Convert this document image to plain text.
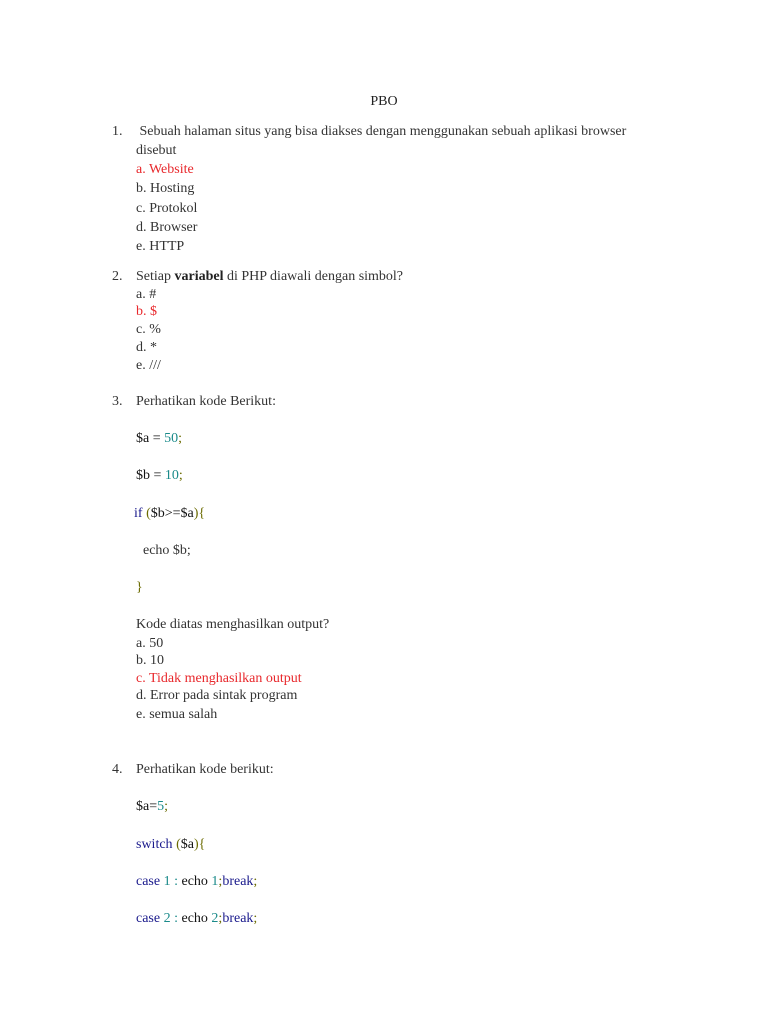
PBO
1. Sebuah halaman situs yang bisa diakses dengan menggunakan sebuah aplikasi browser
disebut
a. Website
b. Hosting
c. Protokol
d. Browser
e. HTTP
2. Setiap variabel di PHP diawali dengan simbol?
a. #
b. $
c. %
d. *
e. ///
3. Perhatikan kode Berikut:
$a = 50;
$b = 10;
if ($b>=$a){
echo $b;
}
Kode diatas menghasilkan output?
a. 50
b. 10
c. Tidak menghasilkan output
d. Error pada sintak program
e. semua salah
4. Perhatikan kode berikut:
$a=5;
switch ($a){
case 1 : echo 1;break;
case 2 : echo 2;break;
